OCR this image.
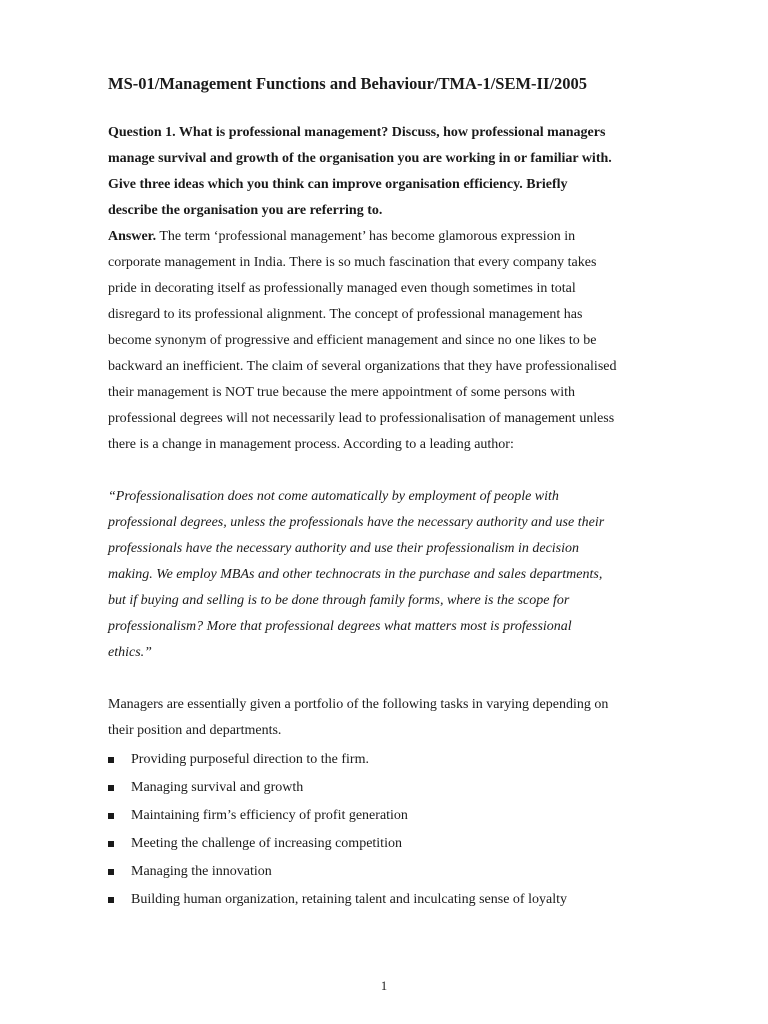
MS-01/Management Functions and Behaviour/TMA-1/SEM-II/2005
Question 1. What is professional management? Discuss, how professional managers
manage survival and growth of the organisation you are working in or familiar with.
Give three ideas which you think can improve organisation efficiency. Briefly
describe the organisation you are referring to.
Answer. The term ‘professional management’ has become glamorous expression in
corporate management in India. There is so much fascination that every company takes
pride in decorating itself as professionally managed even though sometimes in total
disregard to its professional alignment. The concept of professional management has
become synonym of progressive and efficient management and since no one likes to be
backward an inefficient. The claim of several organizations that they have professionalised
their management is NOT true because the mere appointment of some persons with
professional degrees will not necessarily lead to professionalisation of management unless
there is a change in management process. According to a leading author:
“Professionalisation does not come automatically by employment of people with
professional degrees, unless the professionals have the necessary authority and use their
professionals have the necessary authority and use their professionalism in decision
making. We employ MBAs and other technocrats in the purchase and sales departments,
but if buying and selling is to be done through family forms, where is the scope for
professionalism? More that professional degrees what matters most is professional
ethics.”
Managers are essentially given a portfolio of the following tasks in varying depending on
their position and departments.
Providing purposeful direction to the firm.
Managing survival and growth
Maintaining firm’s efficiency of profit generation
Meeting the challenge of increasing competition
Managing the innovation
Building human organization, retaining talent and inculcating sense of loyalty
1
